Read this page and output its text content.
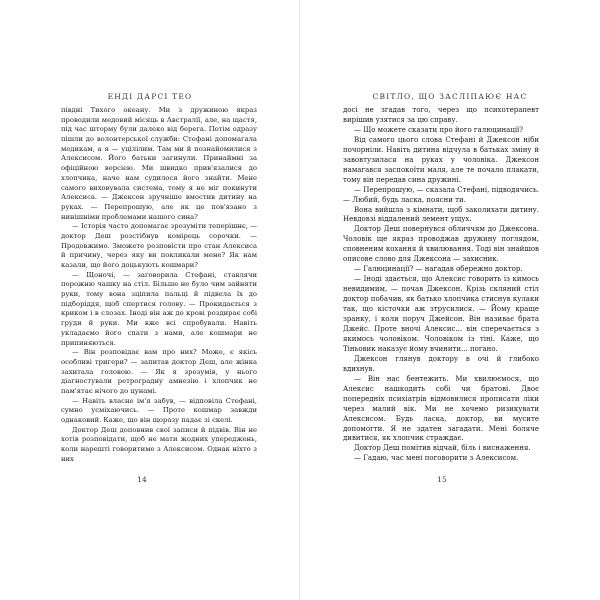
ЕНДІ ДАРСІ ТЕО

півдні Тихого океану. Ми з дружиною якраз проводили медовий місяць в Австралії, але, на щастя, під час шторму були далеко від берега. Потім одразу пішли до волонтерської служби: Стефані допомагала медикам, а я — уцілілим. Там ми й познайомилися з Алексисом. Його батьки загинули. Принаймні за офіційною версією. Ми швидко прив'язалися до хлопчика, наче нам судилося його знайти. Мене самого виховувала система, тому я не міг покинути Алексиса. — Джексон зручніше вмостив дитину на руках. — Перепрошую, але як це пов'язано з нинішніми проблемами нашого сина?

— Історія часто допомагає зрозуміти теперішнє, — доктор Деш розстібнув комірець сорочки. — Продовжимо. Зможете розповісти про стан Алексиса й причину, через яку ви покликали мене? Як нам казали, що його доцькують кошмари?

— Щоночі, — заговорила Стефані, ставлячи порожню чашку на стіл. Більше не було чим зайняти руки, тому вона зціпила пальці й підвела їх до підборіддя, щоб спертися голову. — Прокидається з криком і в слозах. Іноді він аж до крові роздирає собі груди й руки. Ми вже всі спробували. Навіть укладаємо його спати з нами, але кошмари не припиняються.

— Він розповідає вам про них? Може, є якісь особливі тригери? — запитав доктор Деш, але жінка захитала головою. — Як я зрозумів, у нього діагностували ретроградну амнезію і хлопчик не пам'ятає нічого до цунамі.

— Навіть власне ім'я забув, — відповіла Стефані, сумно усміхаючись. — Проте кошмар завжди однаковий. Каже, що він щоразу падає зі скелі.

Доктор Деш доповнив свої записи й підвів. Він не хотів розповідати, щоб не мати жодних упереджень, коли нарешті говоритиме з Алексисом. Однак ніхто з них

14
СВІТЛО, ЩО ЗАСЛІПАЮЄ НАС

досі не згадав того, через що психотерапевт вирішив узятися за цю справу.

— Що можете сказати про його галюцинації?

Від самого цього слова Стефані й Джексон ніби почорніли. Навіть дитина відчула в батьках зміну й завовтузилася на руках у чоловіка. Джексон намагався заспокоїти маля, але те почало плакати, тому він передав сина дружині.

— Перепрошую, — сказала Стефані, підводячись. — Любий, будь ласка, поясни ти.

Вона вийшла з кімнати, щоб заколихати дитину. Невдовзі віддалений лемент ущух.

Доктор Деш повернувся обличчям до Джексона. Чоловік ще якраз проводжав дружину поглядом, сповненим кохання й хвилювання. Тоді він знайшов описове слово для Джексона — захисник.

— Галюцинації? — нагадав обережно доктор.

— Іноді здається, що Алексис говорить із кимось невидимим, — почав Джексон. Крізь скляний стіл доктор побачив, як батько хлопчика стиснув кулаки так, що кісточки аж зтрусилися. — Йому краще зранку, і коли поруч Джейсон. Він називає брата Джейс. Проте вночі Алексис... він сперечається з якимось чоловіком. Чоловіком із тіні. Каже, що Тіньовик наказує йому вчинити... погано.

Джексон глянув доктору в очі й глибоко вдихнув.

— Він нас бентежить. Ми хвилюємося, що Алексис нашкодить собі чи братові. Двоє попередніх психіатрів відмовилися прописати ліки через малий вік. Ми не хочемо ризикувати Алексисом. Будь ласка, доктор, ви мусите допомогти. Я не здатен загадати. Мені боляче дивитися, як хлопчик страждає.

Доктор Деш помітив відчай, біль і виснаження.

— Гадаю, час мені поговорити з Алексисом.

15
